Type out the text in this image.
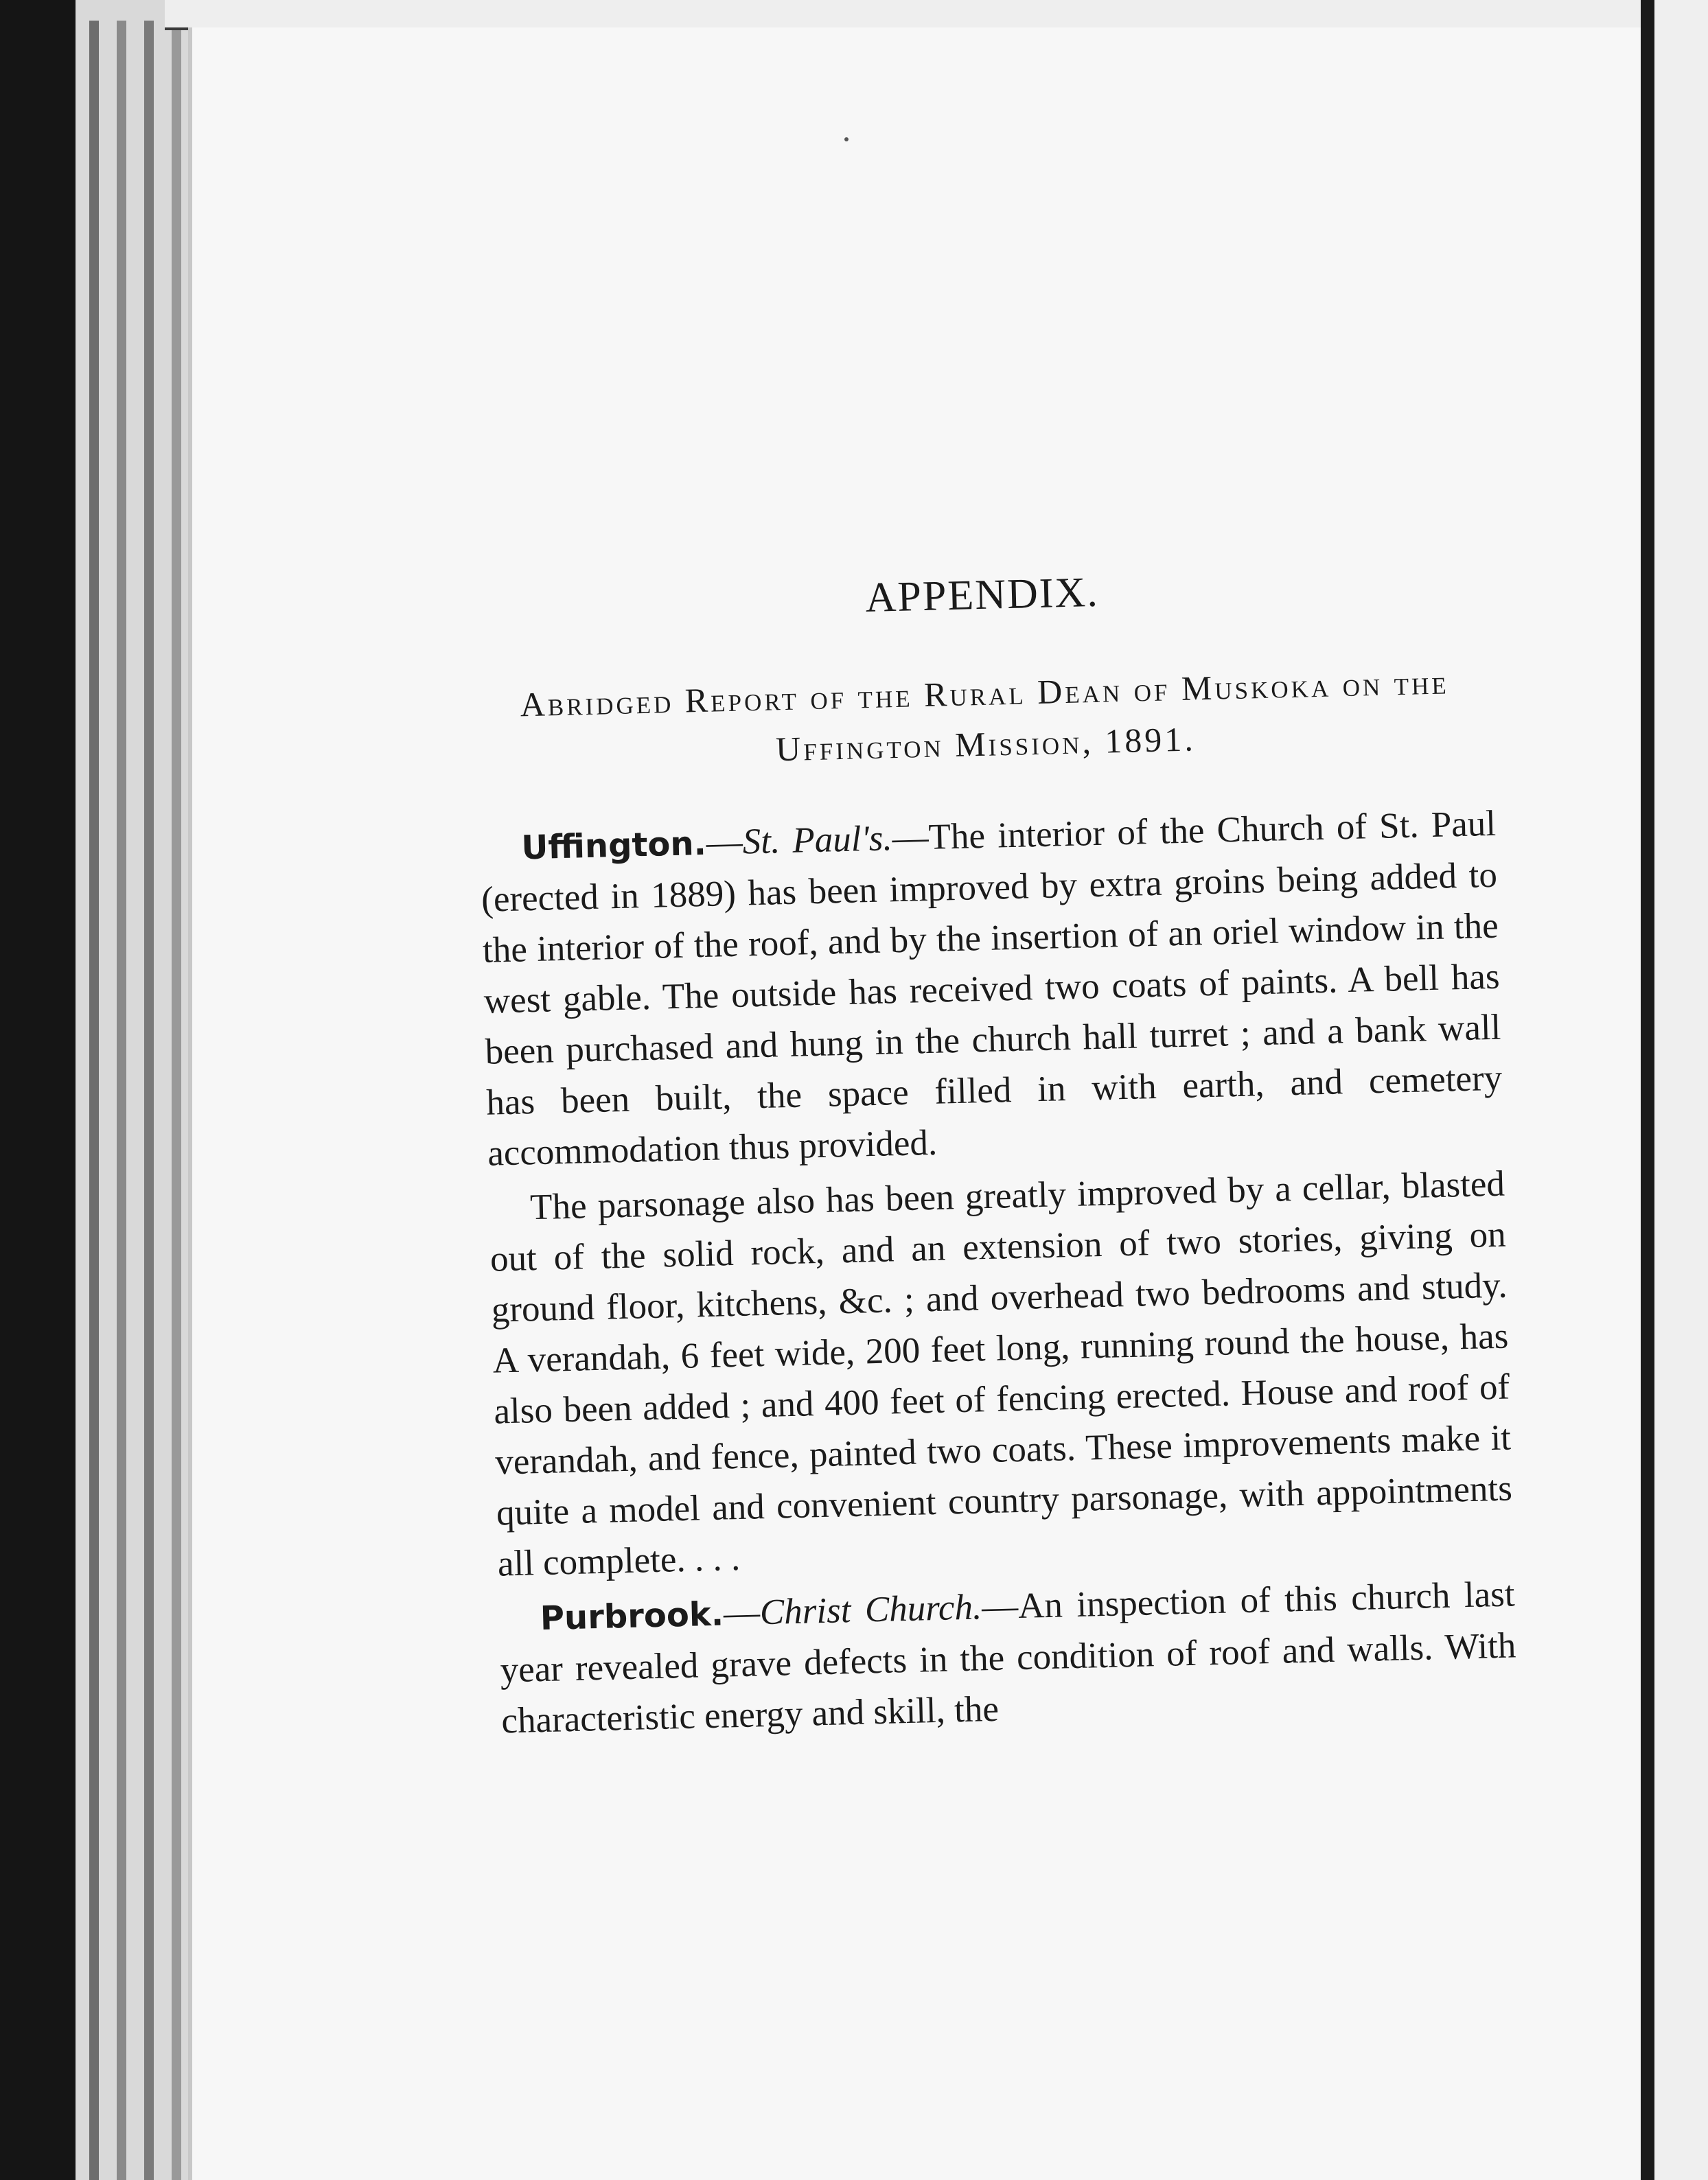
APPENDIX.
Abridged Report of the Rural Dean of Muskoka on the Uffington Mission, 1891.

Uffington.—St. Paul's.—The interior of the Church of St. Paul (erected in 1889) has been improved by extra groins being added to the interior of the roof, and by the insertion of an oriel window in the west gable. The outside has received two coats of paints. A bell has been purchased and hung in the church hall turret ; and a bank wall has been built, the space filled in with earth, and cemetery accommodation thus provided.

The parsonage also has been greatly improved by a cellar, blasted out of the solid rock, and an extension of two stories, giving on ground floor, kitchens, &c. ; and overhead two bedrooms and study. A verandah, 6 feet wide, 200 feet long, running round the house, has also been added ; and 400 feet of fencing erected. House and roof of verandah, and fence, painted two coats. These improvements make it quite a model and convenient country parsonage, with appointments all complete. . . .

Purbrook.—Christ Church.—An inspection of this church last year revealed grave defects in the condition of roof and walls. With characteristic energy and skill, the
